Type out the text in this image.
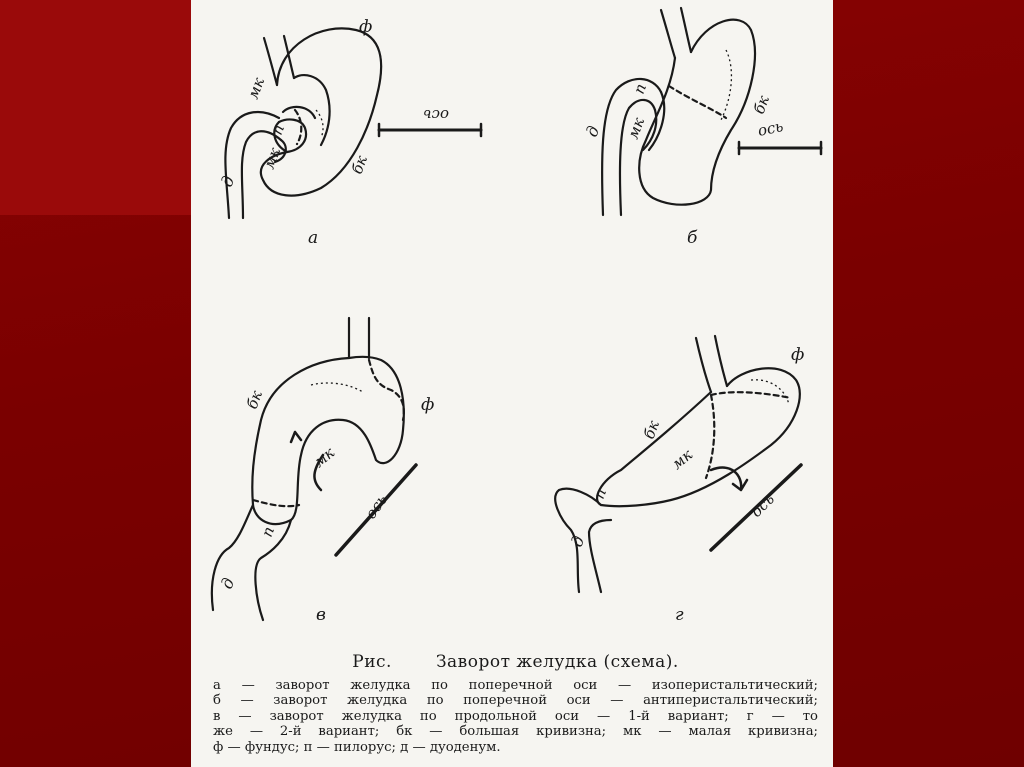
ф
мк
п
мк
д
бк
ось
а
п
д мк
бк
ось
б
бк	ф
мк
п
д
ось
в
ф
бк
мк
п
д
ось
г
Рис.	Заворот желудка (схема).
а — заворот желудка по поперечной оси — изоперистальтический;
б — заворот желудка по поперечной оси — антиперистальтический;
в — заворот желудка по продольной оси — 1-й вариант; г — то
же — 2-й вариант; бк — большая кривизна; мк — малая кривизна;
ф — фундус; п — пилорус; д — дуоденум.
